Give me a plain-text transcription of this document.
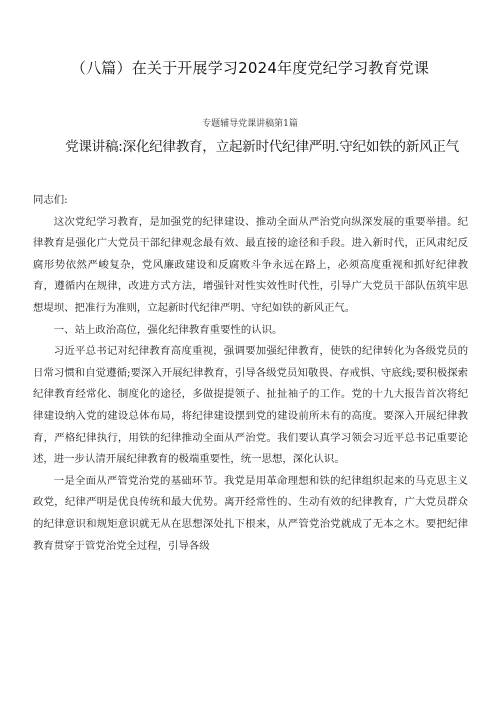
（八篇）在关于开展学习2024年度党纪学习教育党课
专题辅导党课讲稿第1篇
党课讲稿:深化纪律教育，立起新时代纪律严明.守纪如铁的新风正气

同志们:

这次党纪学习教育，是加强党的纪律建设、推动全面从严治党向纵深发展的重要举措。纪律教育是强化广大党员干部纪律观念最有效、最直接的途径和手段。进入新时代，正风肃纪反腐形势依然严峻复杂，党风廉政建设和反腐败斗争永远在路上，必须高度重视和抓好纪律教育，遵循内在规律，改进方式方法，增强针对性实效性时代性，引导广大党员干部队伍筑牢思想堤坝、把准行为准则，立起新时代纪律严明、守纪如铁的新风正气。

一、站上政治高位，强化纪律教育重要性的认识。

习近平总书记对纪律教育高度重视，强调要加强纪律教育，使铁的纪律转化为各级党员的日常习惯和自觉遵循;要深入开展纪律教育，引导各级党员知敬畏、存戒惧、守底线;要积极探索纪律教育经常化、制度化的途径，多做提提领子、扯扯袖子的工作。党的十九大报告首次将纪律建设纳入党的建设总体布局，将纪律建设摆到党的建设前所未有的高度。要深入开展纪律教育，严格纪律执行，用铁的纪律推动全面从严治党。我们要认真学习领会习近平总书记重要论述，进一步认清开展纪律教育的极端重要性，统一思想，深化认识。

一是全面从严管党治党的基础环节。我党是用革命理想和铁的纪律组织起来的马克思主义政党，纪律严明是优良传统和最大优势。离开经常性的、生动有效的纪律教育，广大党员群众的纪律意识和规矩意识就无从在思想深处扎下根来，从严管党治党就成了无本之木。要把纪律教育贯穿于管党治党全过程，引导各级
